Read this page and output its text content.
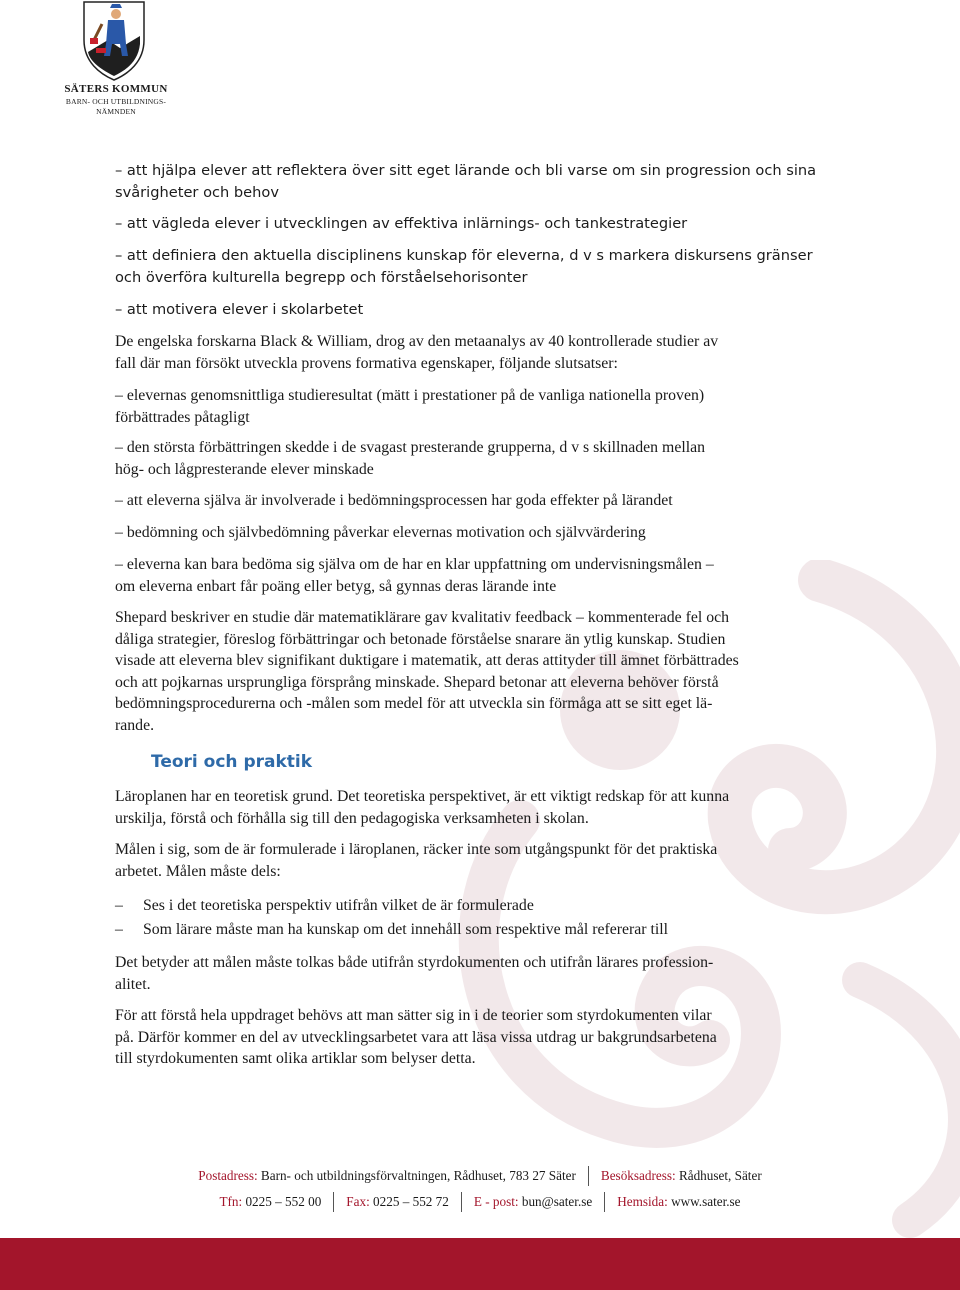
SÄTERS KOMMUN
BARN- OCH UTBILDNINGS-
NÄMNDEN
– att hjälpa elever att reflektera över sitt eget lärande och bli varse om sin progression och sina
svårigheter och behov
– att vägleda elever i utvecklingen av effektiva inlärnings- och tankestrategier
– att definiera den aktuella disciplinens kunskap för eleverna, d v s markera diskursens gränser
och överföra kulturella begrepp och förståelsehorisonter
– att motivera elever i skolarbetet
De engelska forskarna Black & William, drog av den metaanalys av 40 kontrollerade studier av
fall där man försökt utveckla provens formativa egenskaper, följande slutsatser:
– elevernas genomsnittliga studieresultat (mätt i prestationer på de vanliga nationella proven)
förbättrades påtagligt
– den största förbättringen skedde i de svagast presterande grupperna, d v s skillnaden mellan
hög- och lågpresterande elever minskade
– att eleverna själva är involverade i bedömningsprocessen har goda effekter på lärandet
– bedömning och självbedömning påverkar elevernas motivation och självvärdering
– eleverna kan bara bedöma sig själva om de har en klar uppfattning om undervisningsmålen –
om eleverna enbart får poäng eller betyg, så gynnas deras lärande inte
Shepard beskriver en studie där matematiklärare gav kvalitativ feedback – kommenterade fel och
dåliga strategier, föreslog förbättringar och betonade förståelse snarare än ytlig kunskap. Studien
visade att eleverna blev signifikant duktigare i matematik, att deras attityder till ämnet förbättrades
och att pojkarnas ursprungliga försprång minskade. Shepard betonar att eleverna behöver förstå
bedömningsprocedurerna och -målen som medel för att utveckla sin förmåga att se sitt eget lä-
rande.
Teori och praktik
Läroplanen har en teoretisk grund. Det teoretiska perspektivet, är ett viktigt redskap för att kunna
urskilja, förstå och förhålla sig till den pedagogiska verksamheten i skolan.
Målen i sig, som de är formulerade i läroplanen, räcker inte som utgångspunkt för det praktiska
arbetet. Målen måste dels:
– Ses i det teoretiska perspektiv utifrån vilket de är formulerade
– Som lärare måste man ha kunskap om det innehåll som respektive mål refererar till
Det betyder att målen måste tolkas både utifrån styrdokumenten och utifrån lärares profession-
alitet.
För att förstå hela uppdraget behövs att man sätter sig in i de teorier som styrdokumenten vilar
på. Därför kommer en del av utvecklingsarbetet vara att läsa vissa utdrag ur bakgrundsarbetena
till styrdokumenten samt olika artiklar som belyser detta.
Postadress:
Barn- och utbildningsförvaltningen, Rådhuset, 783 27 Säter Besöksadress:
Rådhuset, Säter
Tfn:
0225 – 552 00 Fax:
0225 – 552 72 E - post:
bun@sater.se Hemsida:
www.sater.se
